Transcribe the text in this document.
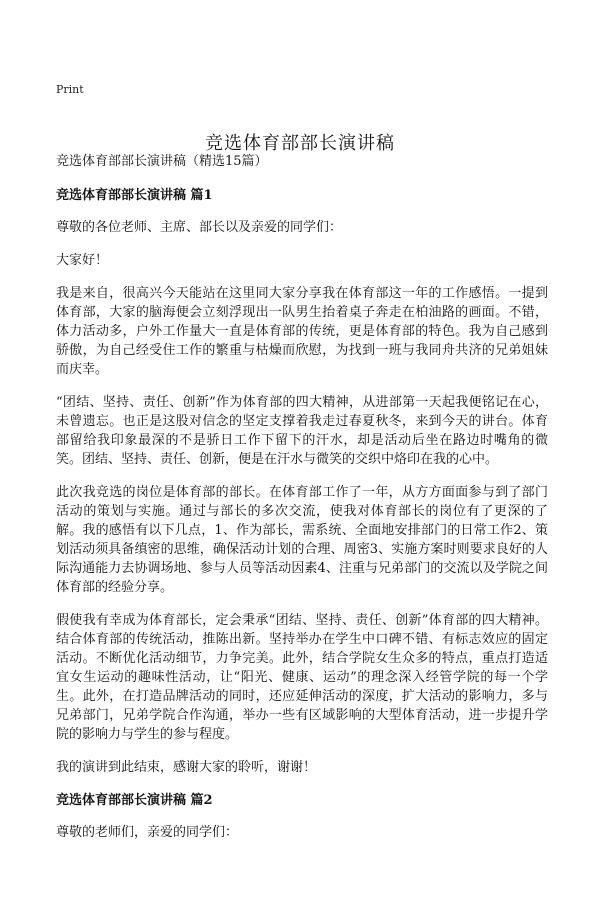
Print
竞选体育部部长演讲稿

竞选体育部部长演讲稿（精选15篇）

竞选体育部部长演讲稿 篇1

尊敬的各位老师、主席、部长以及亲爱的同学们：

大家好！

我是来自，很高兴今天能站在这里同大家分享我在体育部这一年的工作感悟。一提到体育部，大家的脑海便会立刻浮现出一队男生抬着桌子奔走在柏油路的画面。不错，体力活动多，户外工作量大一直是体育部的传统，更是体育部的特色。我为自己感到骄傲，为自己经受住工作的繁重与枯燥而欣慰，为找到一班与我同舟共济的兄弟姐妹而庆幸。

“团结、坚持、责任、创新”作为体育部的四大精神，从进部第一天起我便铭记在心，未曾遗忘。也正是这股对信念的坚定支撑着我走过春夏秋冬，来到今天的讲台。体育部留给我印象最深的不是骄日工作下留下的汗水，却是活动后坐在路边时嘴角的微笑。团结、坚持、责任、创新，便是在汗水与微笑的交织中烙印在我的心中。

此次我竞选的岗位是体育部的部长。在体育部工作了一年，从方方面面参与到了部门活动的策划与实施。通过与部长的多次交流，使我对体育部长的岗位有了更深的了解。我的感悟有以下几点，1、作为部长，需系统、全面地安排部门的日常工作2、策划活动须具备缜密的思维，确保活动计划的合理、周密3、实施方案时则要求良好的人际沟通能力去协调场地、参与人员等活动因素4、注重与兄弟部门的交流以及学院之间体育部的经验分享。

假使我有幸成为体育部长，定会秉承“团结、坚持、责任、创新”体育部的四大精神。结合体育部的传统活动，推陈出新。坚持举办在学生中口碑不错、有标志效应的固定活动。不断优化活动细节，力争完美。此外，结合学院女生众多的特点，重点打造适宜女生运动的趣味性活动，让“阳光、健康、运动”的理念深入经管学院的每一个学生。此外，在打造品牌活动的同时，还应延伸活动的深度，扩大活动的影响力，多与兄弟部门，兄弟学院合作沟通，举办一些有区域影响的大型体育活动，进一步提升学院的影响力与学生的参与程度。

我的演讲到此结束，感谢大家的聆听，谢谢！

竞选体育部部长演讲稿 篇2

尊敬的老师们，亲爱的同学们：
